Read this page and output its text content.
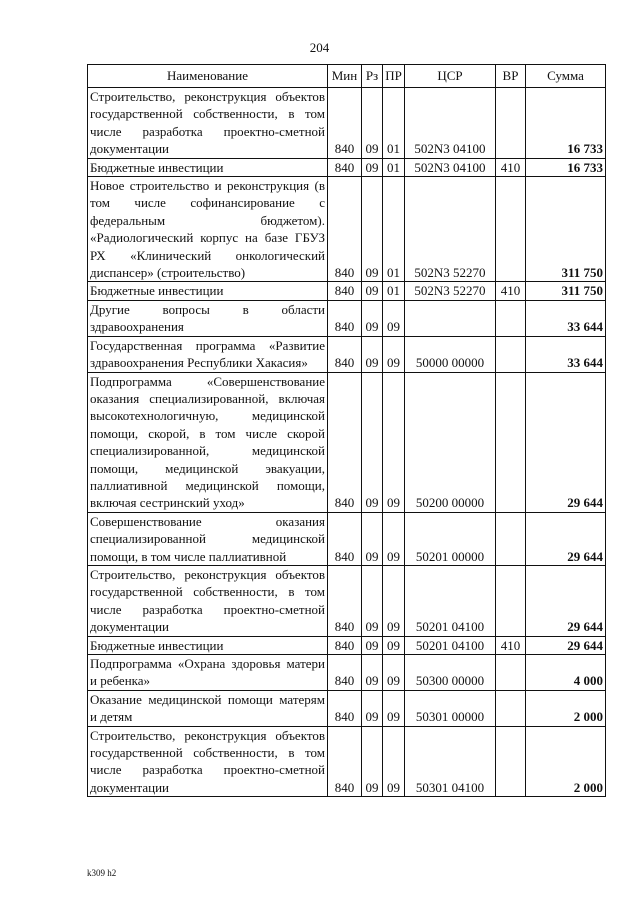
204
Наименование	Мин	Рз	ПР	ЦСР	ВР	Сумма
Строительство, реконструкция объектов государственной собственности, в том числе разработка проектно-сметной документации	840	09	01	502N3 04100		16 733
Бюджетные инвестиции	840	09	01	502N3 04100	410	16 733
Новое строительство и реконструкция (в том числе софинансирование с федеральным бюджетом). «Радиологический корпус на базе ГБУЗ РХ «Клинический онкологический диспансер» (строительство)	840	09	01	502N3 52270		311 750
Бюджетные инвестиции	840	09	01	502N3 52270	410	311 750
Другие вопросы в области здравоохранения	840	09	09			33 644
Государственная программа «Развитие здравоохранения Республики Хакасия»	840	09	09	50000 00000		33 644
Подпрограмма «Совершенствование оказания специализированной, включая высокотехнологичную, медицинской помощи, скорой, в том числе скорой специализированной, медицинской помощи, медицинской эвакуации, паллиативной медицинской помощи, включая сестринский уход»	840	09	09	50200 00000		29 644
Совершенствование оказания специализированной медицинской помощи, в том числе паллиативной	840	09	09	50201 00000		29 644
Строительство, реконструкция объектов государственной собственности, в том числе разработка проектно-сметной документации	840	09	09	50201 04100		29 644
Бюджетные инвестиции	840	09	09	50201 04100	410	29 644
Подпрограмма «Охрана здоровья матери и ребенка»	840	09	09	50300 00000		4 000
Оказание медицинской помощи матерям и детям	840	09	09	50301 00000		2 000
Строительство, реконструкция объектов государственной собственности, в том числе разработка проектно-сметной документации	840	09	09	50301 04100		2 000
k309 h2
